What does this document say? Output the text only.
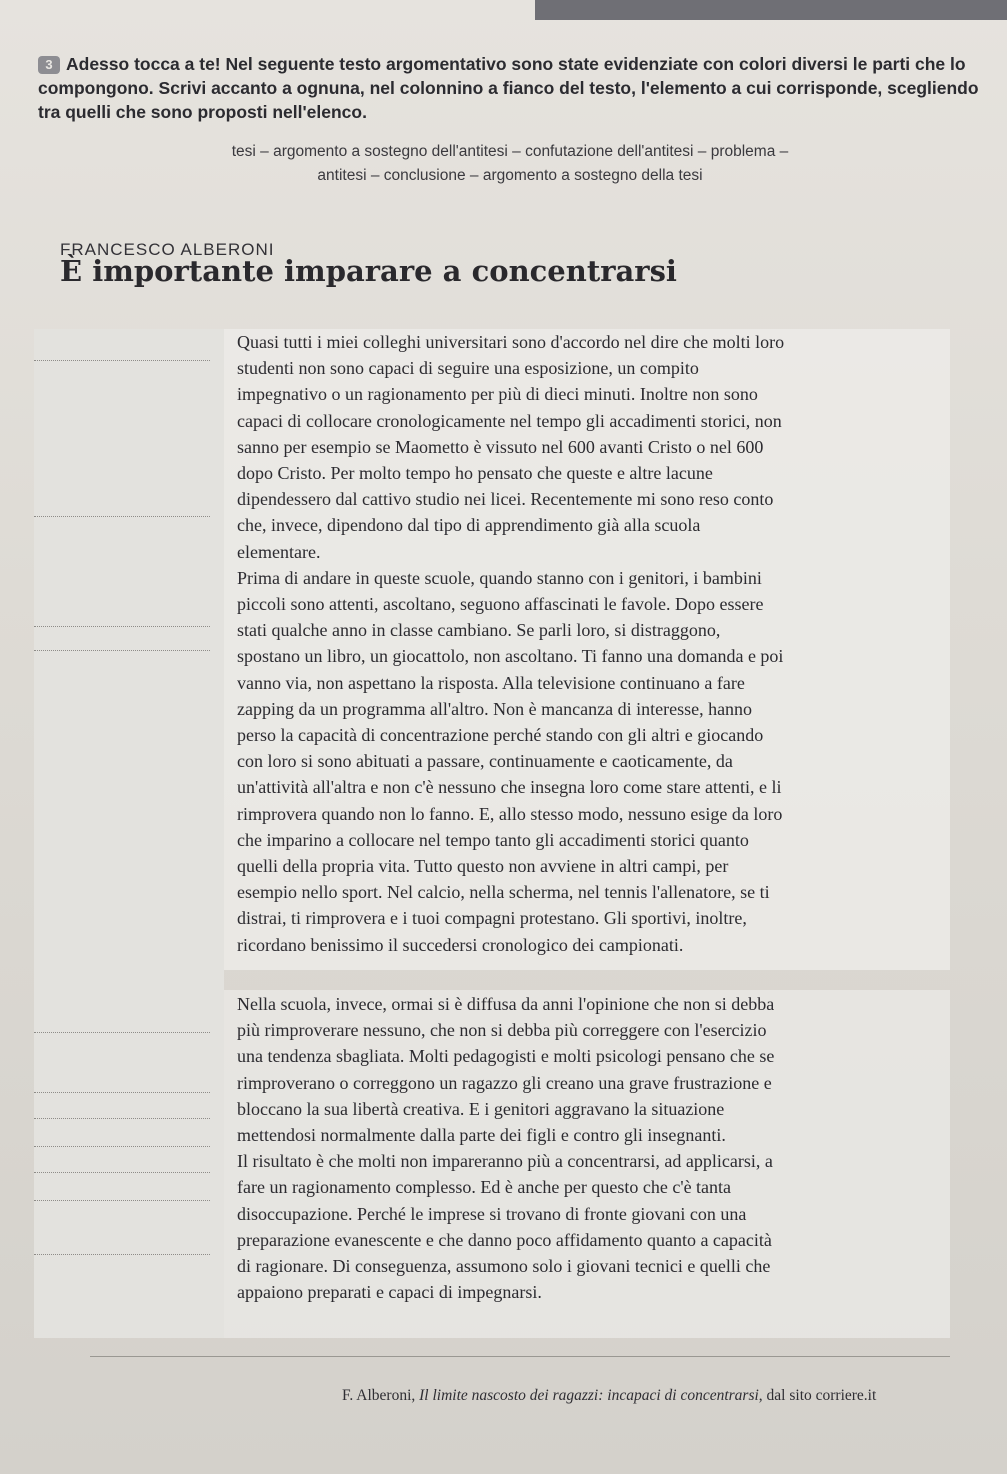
3 Adesso tocca a te! Nel seguente testo argomentativo sono state evidenziate con colori diversi le parti che lo compongono. Scrivi accanto a ognuna, nel colonnino a fianco del testo, l'elemento a cui corrisponde, scegliendo tra quelli che sono proposti nell'elenco.
tesi – argomento a sostegno dell'antitesi – confutazione dell'antitesi – problema –
antitesi – conclusione – argomento a sostegno della tesi
FRANCESCO ALBERONI
È importante imparare a concentrarsi
Quasi tutti i miei colleghi universitari sono d'accordo nel dire che molti loro
studenti non sono capaci di seguire una esposizione, un compito
impegnativo o un ragionamento per più di dieci minuti. Inoltre non sono
capaci di collocare cronologicamente nel tempo gli accadimenti storici, non
sanno per esempio se Maometto è vissuto nel 600 avanti Cristo o nel 600
dopo Cristo. Per molto tempo ho pensato che queste e altre lacune
dipendessero dal cattivo studio nei licei. Recentemente mi sono reso conto
che, invece, dipendono dal tipo di apprendimento già alla scuola
elementare.
Prima di andare in queste scuole, quando stanno con i genitori, i bambini
piccoli sono attenti, ascoltano, seguono affascinati le favole. Dopo essere
stati qualche anno in classe cambiano. Se parli loro, si distraggono,
spostano un libro, un giocattolo, non ascoltano. Ti fanno una domanda e poi
vanno via, non aspettano la risposta. Alla televisione continuano a fare
zapping da un programma all'altro. Non è mancanza di interesse, hanno
perso la capacità di concentrazione perché stando con gli altri e giocando
con loro si sono abituati a passare, continuamente e caoticamente, da
un'attività all'altra e non c'è nessuno che insegna loro come stare attenti, e li
rimprovera quando non lo fanno. E, allo stesso modo, nessuno esige da loro
che imparino a collocare nel tempo tanto gli accadimenti storici quanto
quelli della propria vita. Tutto questo non avviene in altri campi, per
esempio nello sport. Nel calcio, nella scherma, nel tennis l'allenatore, se ti
distrai, ti rimprovera e i tuoi compagni protestano. Gli sportivi, inoltre,
ricordano benissimo il succedersi cronologico dei campionati.
Nella scuola, invece, ormai si è diffusa da anni l'opinione che non si debba
più rimproverare nessuno, che non si debba più correggere con l'esercizio
una tendenza sbagliata. Molti pedagogisti e molti psicologi pensano che se
rimproverano o correggono un ragazzo gli creano una grave frustrazione e
bloccano la sua libertà creativa. E i genitori aggravano la situazione
mettendosi normalmente dalla parte dei figli e contro gli insegnanti.
Il risultato è che molti non impareranno più a concentrarsi, ad applicarsi, a
fare un ragionamento complesso. Ed è anche per questo che c'è tanta
disoccupazione. Perché le imprese si trovano di fronte giovani con una
preparazione evanescente e che danno poco affidamento quanto a capacità
di ragionare. Di conseguenza, assumono solo i giovani tecnici e quelli che
appaiono preparati e capaci di impegnarsi.
F. Alberoni, Il limite nascosto dei ragazzi: incapaci di concentrarsi, dal sito corriere.it
